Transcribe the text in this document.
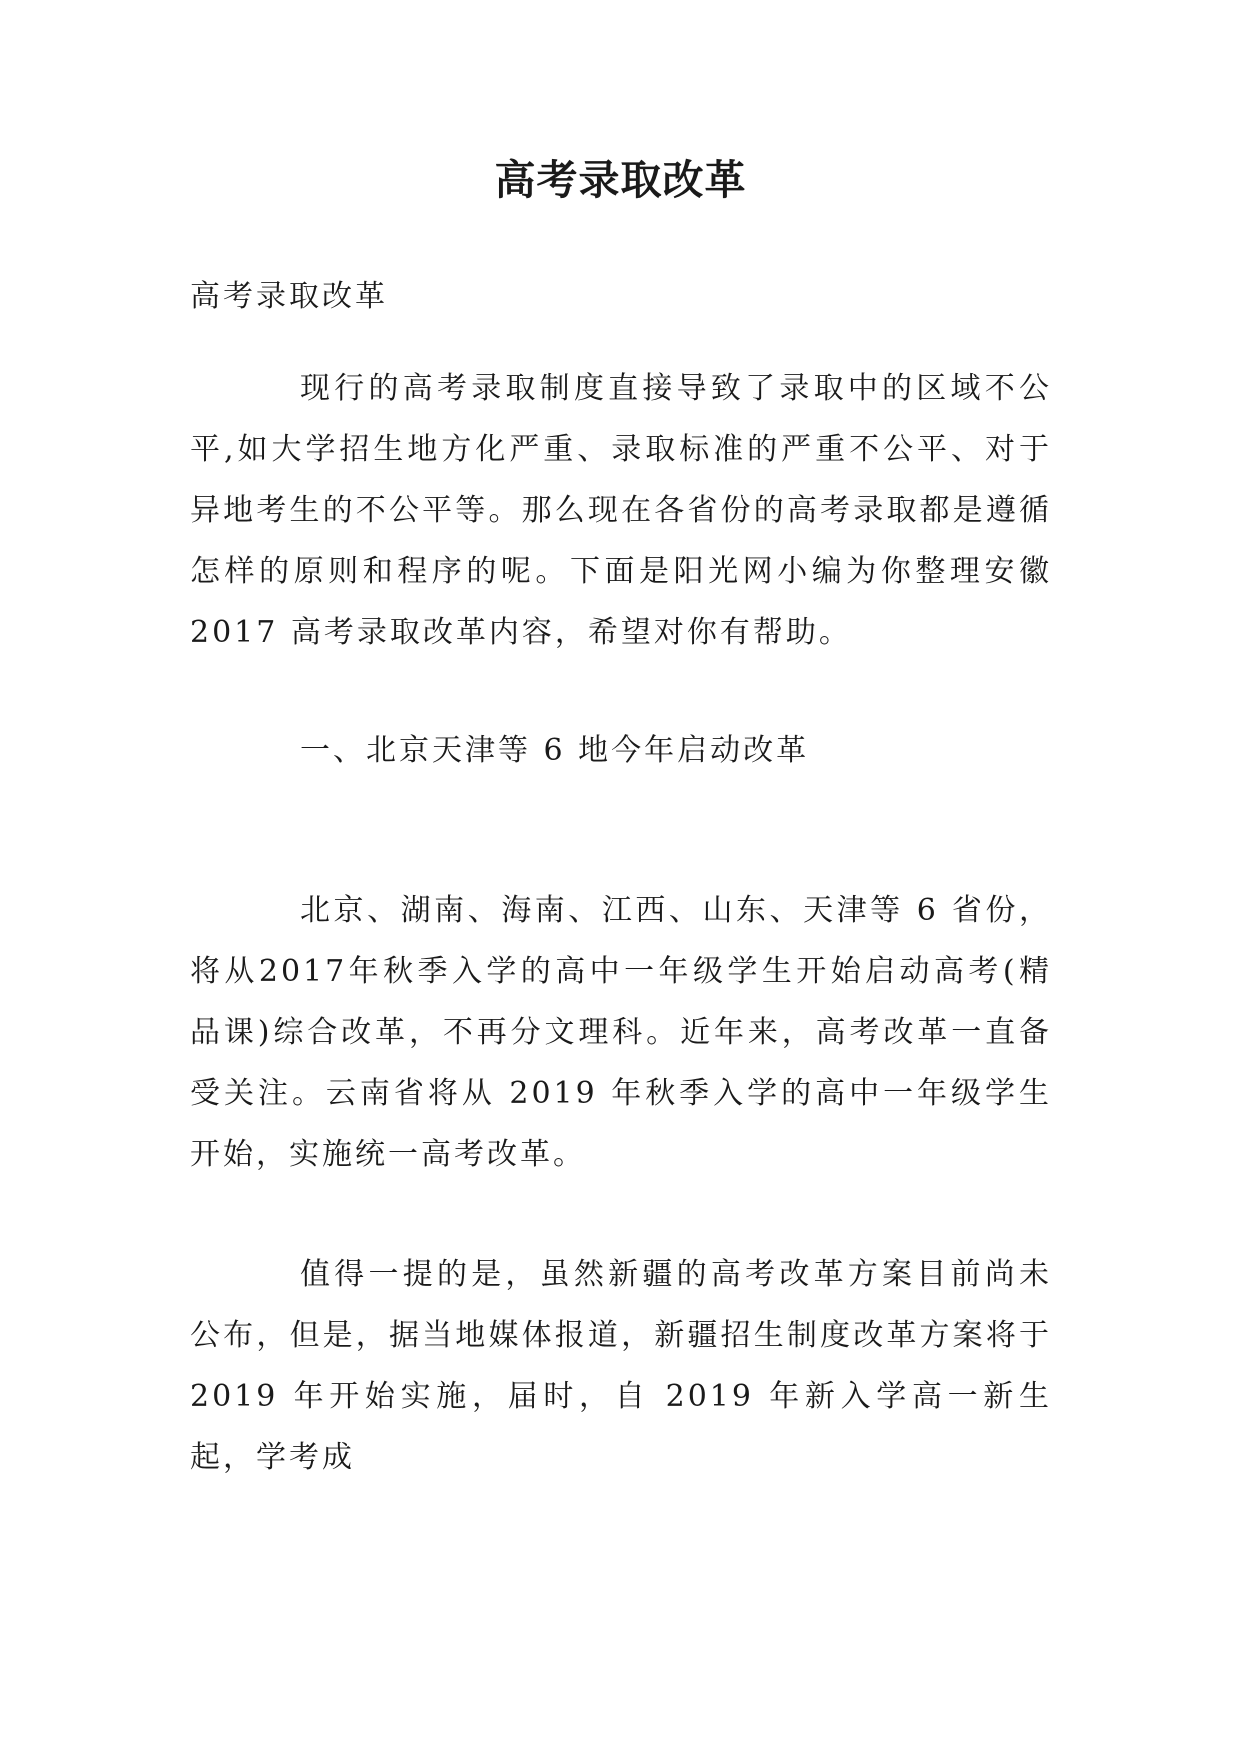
高考录取改革

高考录取改革

现行的高考录取制度直接导致了录取中的区域不公平,如大学招生地方化严重、录取标准的严重不公平、对于异地考生的不公平等。那么现在各省份的高考录取都是遵循怎样的原则和程序的呢。下面是阳光网小编为你整理安徽 2017 高考录取改革内容，希望对你有帮助。

一、北京天津等 6 地今年启动改革

北京、湖南、海南、江西、山东、天津等 6 省份，将从2017年秋季入学的高中一年级学生开始启动高考(精品课)综合改革，不再分文理科。近年来，高考改革一直备受关注。云南省将从 2019 年秋季入学的高中一年级学生开始，实施统一高考改革。

值得一提的是，虽然新疆的高考改革方案目前尚未公布，但是，据当地媒体报道，新疆招生制度改革方案将于 2019 年开始实施，届时，自 2019 年新入学高一新生起，学考成
